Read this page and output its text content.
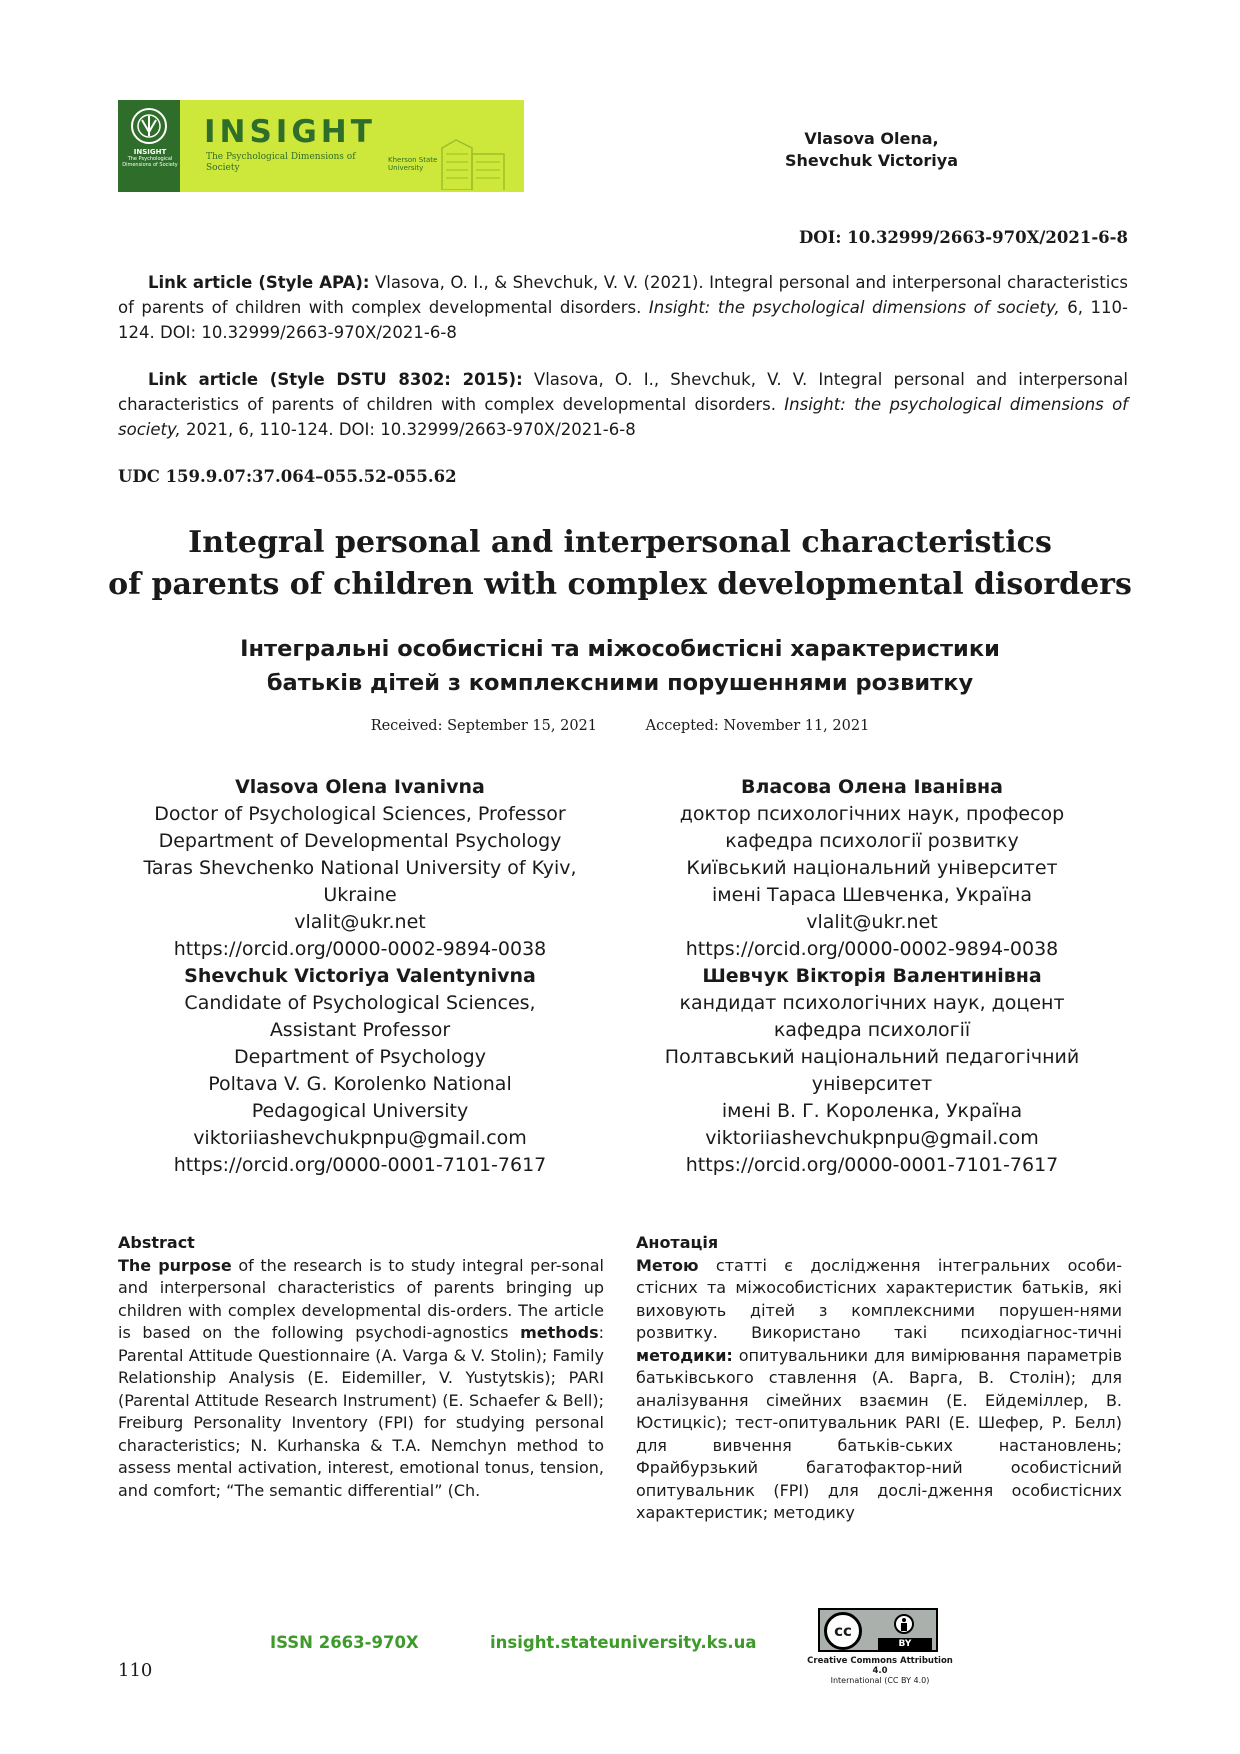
INSIGHT
The Psychological Dimensions of Society
INSIGHT
The Psychological Dimensions of Society
Kherson State University
Vlasova Olena,
Shevchuk Victoriya
DOI: 10.32999/2663-970X/2021-6-8
Link article (Style APA): Vlasova, O. I., & Shevchuk, V. V. (2021). Integral personal and interpersonal characteristics of parents of children with complex developmental disorders. Insight: the psychological dimensions of society, 6, 110-124. DOI: 10.32999/2663-970X/2021-6-8
Link article (Style DSTU 8302: 2015): Vlasova, O. I., Shevchuk, V. V. Integral personal and interpersonal characteristics of parents of children with complex developmental disorders. Insight: the psychological dimensions of society, 2021, 6, 110-124. DOI: 10.32999/2663-970X/2021-6-8
UDC 159.9.07:37.064–055.52-055.62
Integral personal and interpersonal characteristics
of parents of children with complex developmental disorders
Інтегральні особистісні та міжособистісні характеристики
батьків дітей з комплексними порушеннями розвитку
Received: September 15, 2021	Accepted: November 11, 2021
Vlasova Olena Ivanivna
Doctor of Psychological Sciences, Professor
Department of Developmental Psychology
Taras Shevchenko National University of Kyiv,
Ukraine
vlalit@ukr.net
https://orcid.org/0000-0002-9894-0038
Shevchuk Victoriya Valentynivna
Candidate of Psychological Sciences,
Assistant Professor
Department of Psychology
Poltava V. G. Korolenko National
Pedagogical University
viktoriiashevchukpnpu@gmail.com
https://orcid.org/0000-0001-7101-7617
Власова Олена Іванівна
доктор психологічних наук, професор
кафедра психології розвитку
Київський національний університет
імені Тараса Шевченка, Україна
vlalit@ukr.net
https://orcid.org/0000-0002-9894-0038
Шевчук Вікторія Валентинівна
кандидат психологічних наук, доцент
кафедра психології
Полтавський національний педагогічний
університет
імені В. Г. Короленка, Україна
viktoriiashevchukpnpu@gmail.com
https://orcid.org/0000-0001-7101-7617
Abstract
The purpose of the research is to study integral per-sonal and interpersonal characteristics of parents bringing up children with complex developmental dis-orders. The article is based on the following psychodi-agnostics methods: Parental Attitude Questionnaire (A. Varga & V. Stolin); Family Relationship Analysis (E. Eidemiller, V. Yustytskis); PARI (Parental Attitude Research Instrument) (E. Schaefer & Bell); Freiburg Personality Inventory (FPI) for studying personal characteristics; N. Kurhanska & T.A. Nemchyn method to assess mental activation, interest, emotional tonus, tension, and comfort; “The semantic differential” (Ch.
Анотація
Метою статті є дослідження інтегральних особи-стісних та міжособистісних характеристик батьків, які виховують дітей з комплексними порушен-нями розвитку. Використано такі психодіагнос-тичні методики: опитувальники для вимірювання параметрів батьківського ставлення (А. Варга, В. Столін); для аналізування сімейних взаємин (Е. Ейдеміллер, В. Юстицкіс); тест-опитувальник PARI (Е. Шефер, Р. Белл) для вивчення батьків-ських настановлень; Фрайбурзький багатофактор-ний особистісний опитувальник (FPI) для дослі-дження особистісних характеристик; методику
ISSN 2663-970X	insight.stateuniversity.ks.ua
110
cc
BY
Creative Commons Attribution 4.0
International (CC BY 4.0)
